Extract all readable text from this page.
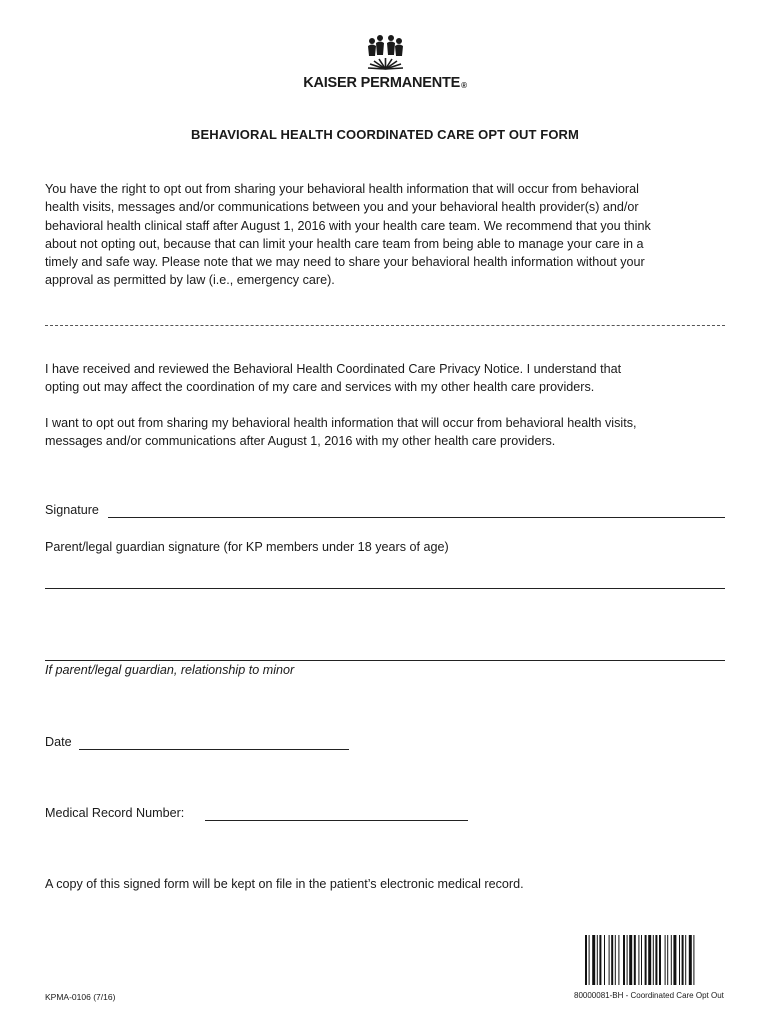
KAISER PERMANENTE®
BEHAVIORAL HEALTH COORDINATED CARE OPT OUT FORM
You have the right to opt out from sharing your behavioral health information that will occur from behavioral
health visits, messages and/or communications between you and your behavioral health provider(s) and/or
behavioral health clinical staff after August 1, 2016 with your health care team. We recommend that you think
about not opting out, because that can limit your health care team from being able to manage your care in a
timely and safe way. Please note that we may need to share your behavioral health information without your
approval as permitted by law (i.e., emergency care).
I have received and reviewed the Behavioral Health Coordinated Care Privacy Notice. I understand that
opting out may affect the coordination of my care and services with my other health care providers.
I want to opt out from sharing my behavioral health information that will occur from behavioral health visits,
messages and/or communications after August 1, 2016 with my other health care providers.
Signature
Parent/legal guardian signature (for KP members under 18 years of age)
If parent/legal guardian, relationship to minor
Date
Medical Record Number:
A copy of this signed form will be kept on file in the patient’s electronic medical record.
KPMA-0106 (7/16)	80000081-BH - Coordinated Care Opt Out
